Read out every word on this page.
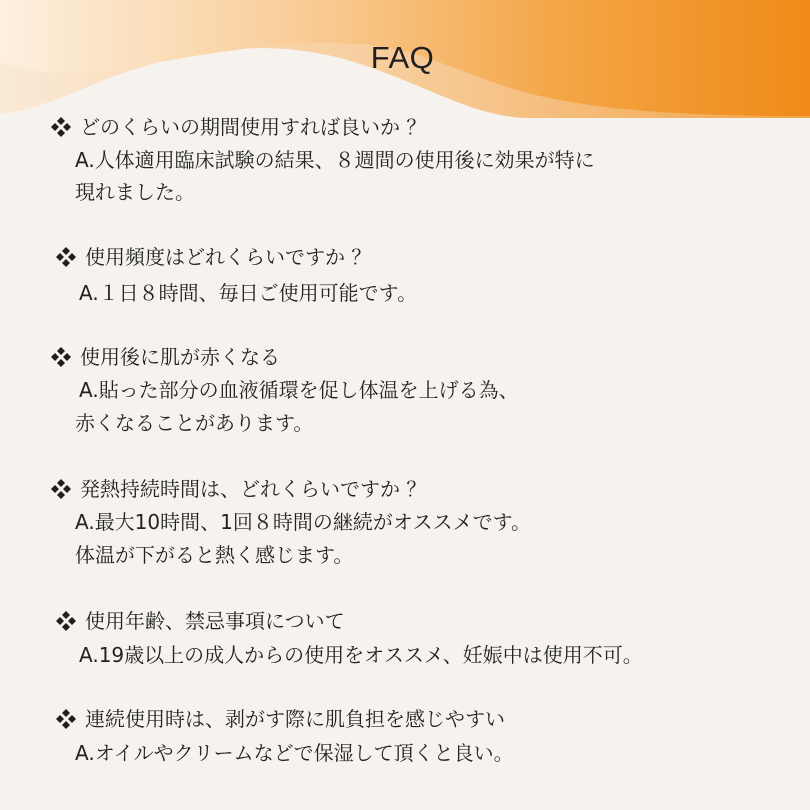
FAQ
どのくらいの期間使用すれば良いか ？
A.人体適用臨床試験の結果、８週間の使用後に効果が特に
現れました。
使用頻度はどれくらいですか ？
A.１日８時間、毎日ご使用可能です。
使用後に肌が赤くなる
A.貼った部分の血液循環を促し体温を上げる為、
赤くなることがあります。
発熱持続時間は、どれくらいですか ？
A.最大10時間、1回８時間の継続がオススメです。
体温が下がると熱く感じます。
使用年齢、禁忌事項について
A.19歳以上の成人からの使用をオススメ、妊娠中は使用不可。
連続使用時は、剥がす際に肌負担を感じやすい
A.オイルやクリームなどで保湿して頂くと良い。
